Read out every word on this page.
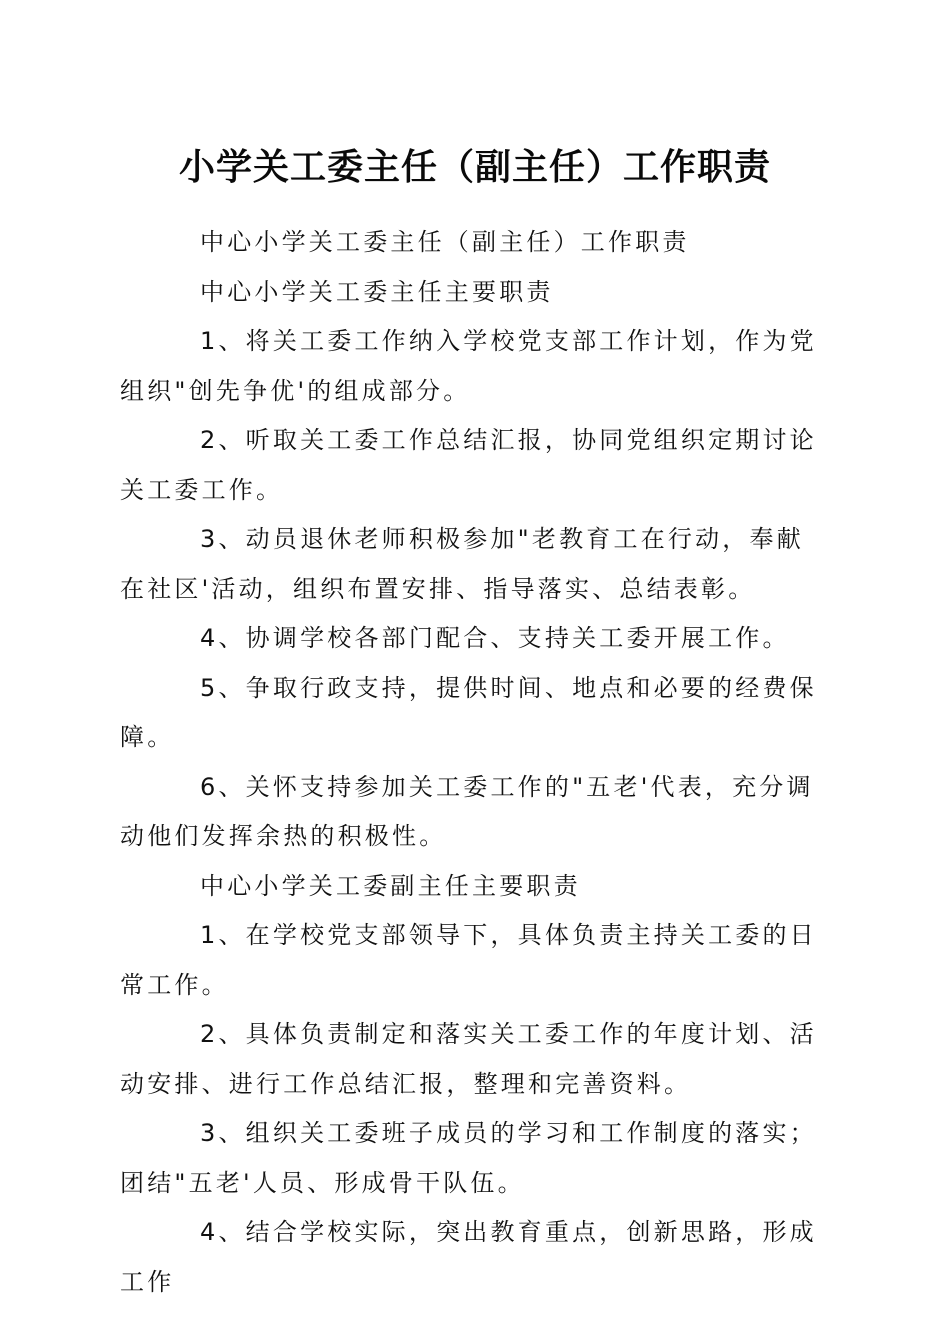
小学关工委主任（副主任）工作职责

中心小学关工委主任（副主任）工作职责

中心小学关工委主任主要职责

1、将关工委工作纳入学校党支部工作计划，作为党组织"创先争优'的组成部分。

2、听取关工委工作总结汇报，协同党组织定期讨论关工委工作。

3、动员退休老师积极参加"老教育工在行动，奉献在社区'活动，组织布置安排、指导落实、总结表彰。

4、协调学校各部门配合、支持关工委开展工作。

5、争取行政支持，提供时间、地点和必要的经费保障。

6、关怀支持参加关工委工作的"五老'代表，充分调动他们发挥余热的积极性。

中心小学关工委副主任主要职责

1、在学校党支部领导下，具体负责主持关工委的日常工作。

2、具体负责制定和落实关工委工作的年度计划、活动安排、进行工作总结汇报，整理和完善资料。

3、组织关工委班子成员的学习和工作制度的落实；团结"五老'人员、形成骨干队伍。

4、结合学校实际，突出教育重点，创新思路，形成工作
